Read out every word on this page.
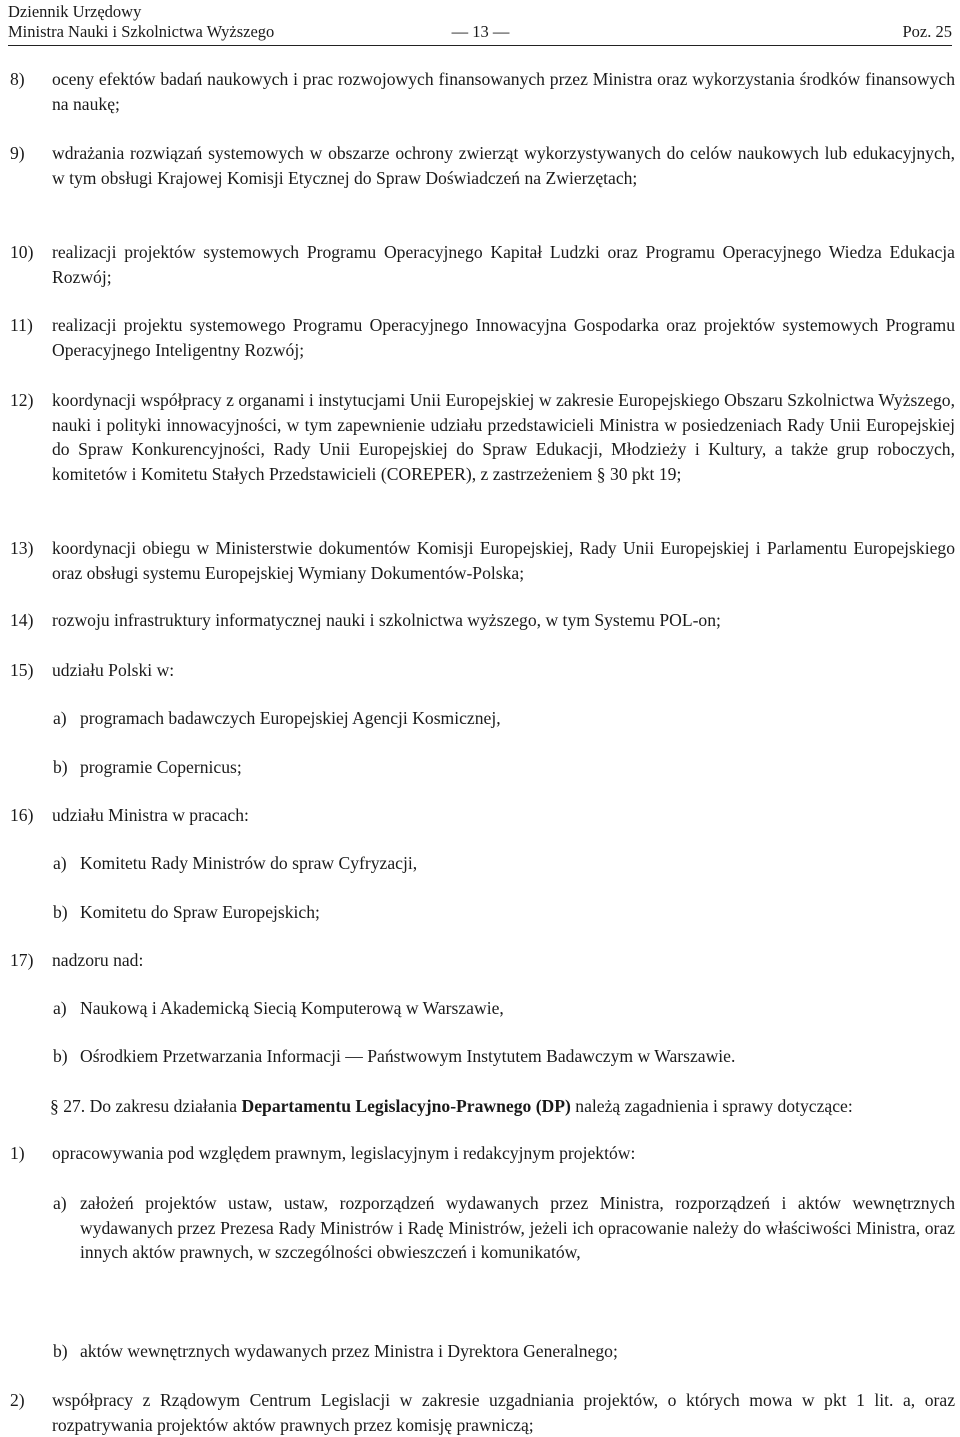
Dziennik Urzędowy
Ministra Nauki i Szkolnictwa Wyższego	— 13 —	Poz. 25
8) oceny efektów badań naukowych i prac rozwojowych finansowanych przez Ministra oraz wykorzystania środków finansowych na naukę;

9) wdrażania rozwiązań systemowych w obszarze ochrony zwierząt wykorzystywanych do celów naukowych lub edukacyjnych, w tym obsługi Krajowej Komisji Etycznej do Spraw Doświadczeń na Zwierzętach;

10) realizacji projektów systemowych Programu Operacyjnego Kapitał Ludzki oraz Programu Operacyjnego Wiedza Edukacja Rozwój;

11) realizacji projektu systemowego Programu Operacyjnego Innowacyjna Gospodarka oraz projektów systemowych Programu Operacyjnego Inteligentny Rozwój;

12) koordynacji współpracy z organami i instytucjami Unii Europejskiej w zakresie Europejskiego Obszaru Szkolnictwa Wyższego, nauki i polityki innowacyjności, w tym zapewnienie udziału przedstawicieli Ministra w posiedzeniach Rady Unii Europejskiej do Spraw Konkurencyjności, Rady Unii Europejskiej do Spraw Edukacji, Młodzieży i Kultury, a także grup roboczych, komitetów i Komitetu Stałych Przedstawicieli (COREPER), z zastrzeżeniem § 30 pkt 19;

13) koordynacji obiegu w Ministerstwie dokumentów Komisji Europejskiej, Rady Unii Europejskiej i Parlamentu Europejskiego oraz obsługi systemu Europejskiej Wymiany Dokumentów-Polska;

14) rozwoju infrastruktury informatycznej nauki i szkolnictwa wyższego, w tym Systemu POL-on;

15) udziału Polski w:

a) programach badawczych Europejskiej Agencji Kosmicznej,

b) programie Copernicus;

16) udziału Ministra w pracach:

a) Komitetu Rady Ministrów do spraw Cyfryzacji,

b) Komitetu do Spraw Europejskich;

17) nadzoru nad:

a) Naukową i Akademicką Siecią Komputerową w Warszawie,

b) Ośrodkiem Przetwarzania Informacji — Państwowym Instytutem Badawczym w Warszawie.

§ 27. Do zakresu działania Departamentu Legislacyjno-Prawnego (DP) należą zagadnienia i sprawy dotyczące:

1) opracowywania pod względem prawnym, legislacyjnym i redakcyjnym projektów:

a) założeń projektów ustaw, ustaw, rozporządzeń wydawanych przez Ministra, rozporządzeń i aktów wewnętrznych wydawanych przez Prezesa Rady Ministrów i Radę Ministrów, jeżeli ich opracowanie należy do właściwości Ministra, oraz innych aktów prawnych, w szczególności obwieszczeń i komunikatów,

b) aktów wewnętrznych wydawanych przez Ministra i Dyrektora Generalnego;

2) współpracy z Rządowym Centrum Legislacji w zakresie uzgadniania projektów, o których mowa w pkt 1 lit. a, oraz rozpatrywania projektów aktów prawnych przez komisję prawniczą;
